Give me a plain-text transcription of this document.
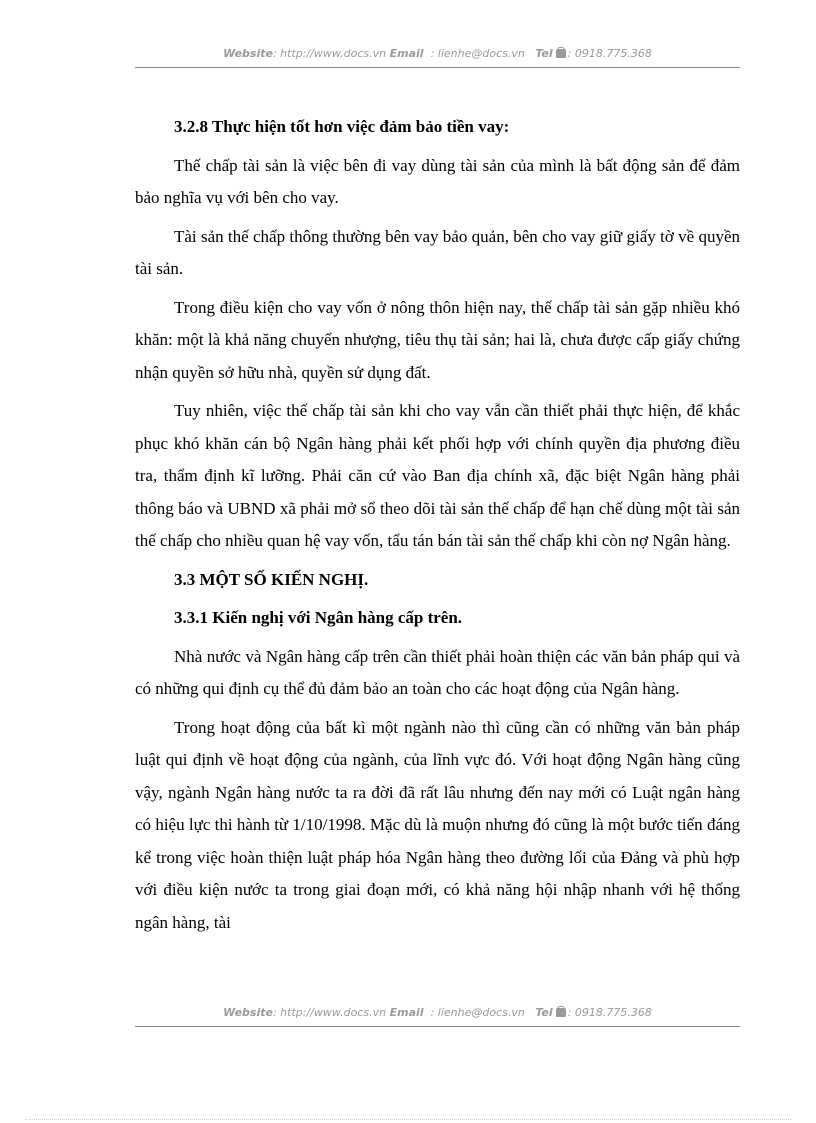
Website: http://www.docs.vn Email : lienhe@docs.vn Tel : 0918.775.368
3.2.8 Thực hiện tốt hơn việc đảm bảo tiền vay:

Thế chấp tài sản là việc bên đi vay dùng tài sản của mình là bất động sản để đảm bảo nghĩa vụ với bên cho vay.

Tài sản thế chấp thông thường bên vay bảo quản, bên cho vay giữ giấy tờ về quyền tài sản.

Trong điều kiện cho vay vốn ở nông thôn hiện nay, thế chấp tài sản gặp nhiều khó khăn: một là khả năng chuyển nhượng, tiêu thụ tài sản; hai là, chưa được cấp giấy chứng nhận quyền sở hữu nhà, quyền sử dụng đất.

Tuy nhiên, việc thế chấp tài sản khi cho vay vẫn cần thiết phải thực hiện, để khắc phục khó khăn cán bộ Ngân hàng phải kết phối hợp với chính quyền địa phương điều tra, thẩm định kĩ lưỡng. Phải căn cứ vào Ban địa chính xã, đặc biệt Ngân hàng phải thông báo và UBND xã phải mở sổ theo dõi tài sản thế chấp để hạn chế dùng một tài sản thế chấp cho nhiều quan hệ vay vốn, tẩu tán bán tài sản thế chấp khi còn nợ Ngân hàng.

3.3 MỘT SỐ KIẾN NGHỊ.
3.3.1 Kiến nghị với Ngân hàng cấp trên.

Nhà nước và Ngân hàng cấp trên cần thiết phải hoàn thiện các văn bản pháp qui và có những qui định cụ thể đủ đảm bảo an toàn cho các hoạt động của Ngân hàng.

Trong hoạt động của bất kì một ngành nào thì cũng cần có những văn bản pháp luật qui định về hoạt động của ngành, của lĩnh vực đó. Với hoạt động Ngân hàng cũng vậy, ngành Ngân hàng nước ta ra đời đã rất lâu nhưng đến nay mới có Luật ngân hàng có hiệu lực thi hành từ 1/10/1998. Mặc dù là muộn nhưng đó cũng là một bước tiến đáng kể trong việc hoàn thiện luật pháp hóa Ngân hàng theo đường lối của Đảng và phù hợp với điều kiện nước ta trong giai đoạn mới, có khả năng hội nhập nhanh với hệ thống ngân hàng, tài

Website: http://www.docs.vn Email : lienhe@docs.vn Tel : 0918.775.368
